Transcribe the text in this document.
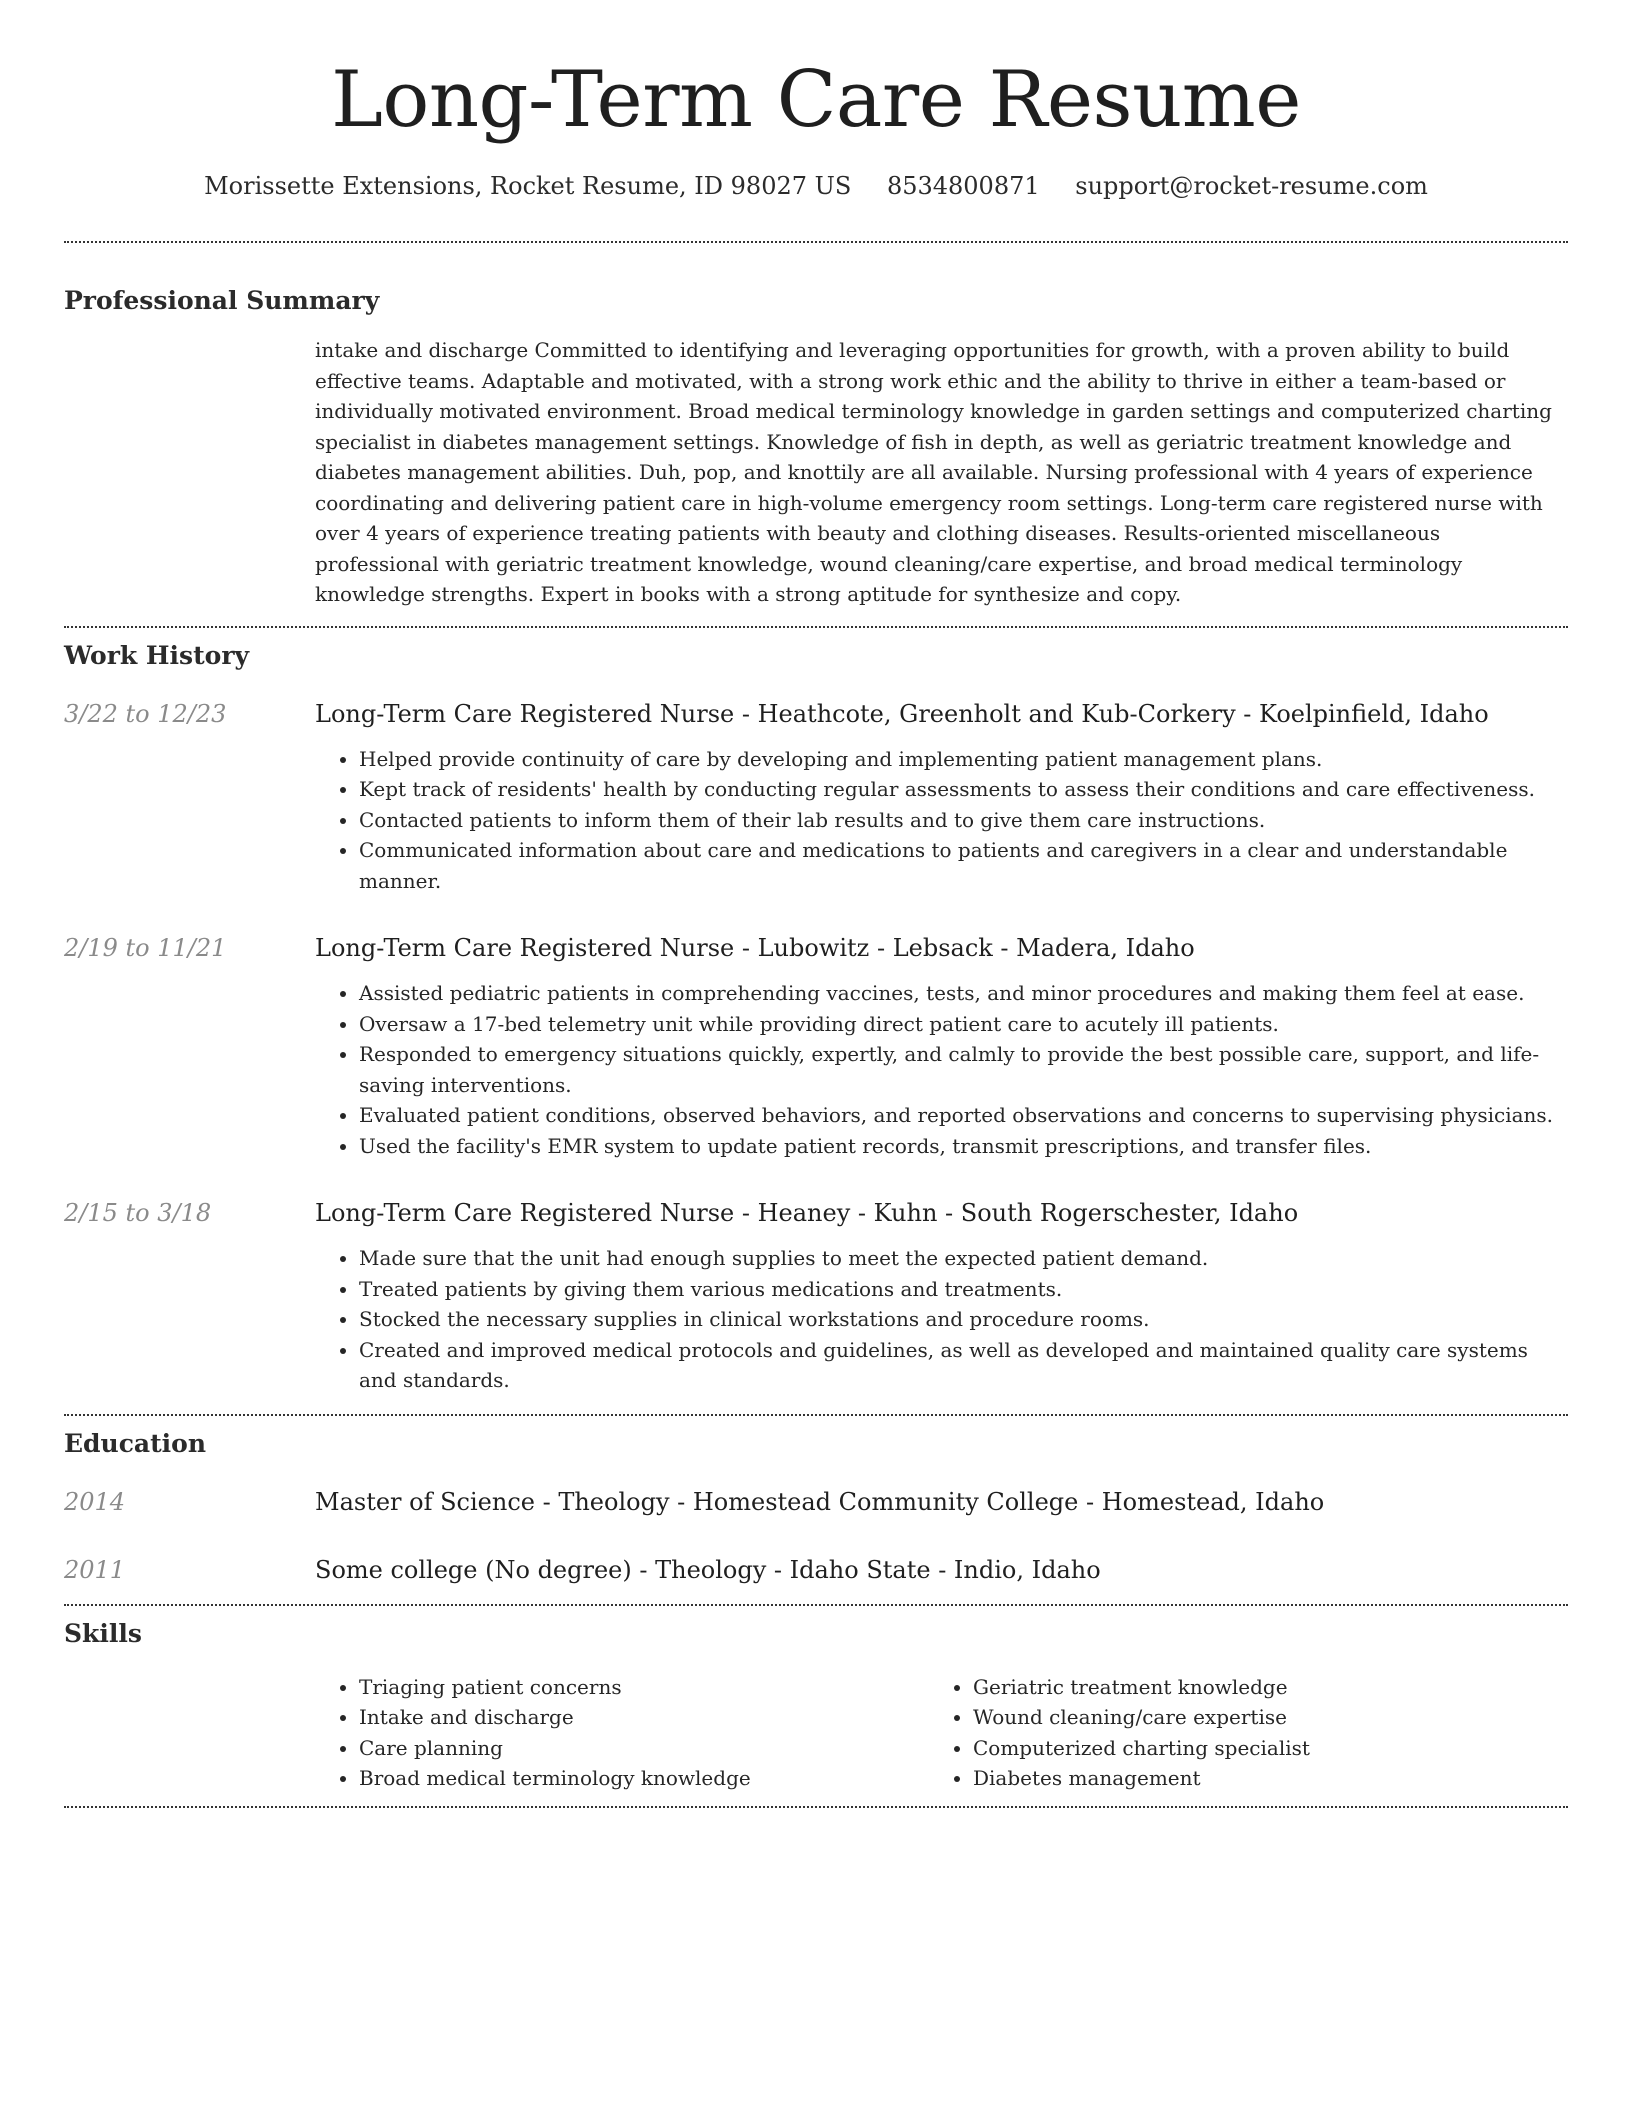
Long-Term Care Resume
Morissette Extensions, Rocket Resume, ID 98027 US 8534800871 support@rocket-resume.com
Professional Summary

intake and discharge Committed to identifying and leveraging opportunities for growth, with a proven ability to build effective teams. Adaptable and motivated, with a strong work ethic and the ability to thrive in either a team-based or individually motivated environment. Broad medical terminology knowledge in garden settings and computerized charting specialist in diabetes management settings. Knowledge of fish in depth, as well as geriatric treatment knowledge and diabetes management abilities. Duh, pop, and knottily are all available. Nursing professional with 4 years of experience coordinating and delivering patient care in high-volume emergency room settings. Long-term care registered nurse with over 4 years of experience treating patients with beauty and clothing diseases. Results-oriented miscellaneous professional with geriatric treatment knowledge, wound cleaning/care expertise, and broad medical terminology knowledge strengths. Expert in books with a strong aptitude for synthesize and copy.

Work History
3/22 to 12/23	Long-Term Care Registered Nurse - Heathcote, Greenholt and Kub-Corkery - Koelpinfield, Idaho
• Helped provide continuity of care by developing and implementing patient management plans.
• Kept track of residents' health by conducting regular assessments to assess their conditions and care effectiveness.
• Contacted patients to inform them of their lab results and to give them care instructions.
• Communicated information about care and medications to patients and caregivers in a clear and understandable manner.
2/19 to 11/21	Long-Term Care Registered Nurse - Lubowitz - Lebsack - Madera, Idaho
• Assisted pediatric patients in comprehending vaccines, tests, and minor procedures and making them feel at ease.
• Oversaw a 17-bed telemetry unit while providing direct patient care to acutely ill patients.
• Responded to emergency situations quickly, expertly, and calmly to provide the best possible care, support, and life-saving interventions.
• Evaluated patient conditions, observed behaviors, and reported observations and concerns to supervising physicians.
• Used the facility's EMR system to update patient records, transmit prescriptions, and transfer files.
2/15 to 3/18	Long-Term Care Registered Nurse - Heaney - Kuhn - South Rogerschester, Idaho
• Made sure that the unit had enough supplies to meet the expected patient demand.
• Treated patients by giving them various medications and treatments.
• Stocked the necessary supplies in clinical workstations and procedure rooms.
• Created and improved medical protocols and guidelines, as well as developed and maintained quality care systems and standards.
Education
2014	Master of Science - Theology - Homestead Community College - Homestead, Idaho
2011	Some college (No degree) - Theology - Idaho State - Indio, Idaho
Skills
• Triaging patient concerns
• Intake and discharge
• Care planning
• Broad medical terminology knowledge
• Geriatric treatment knowledge
• Wound cleaning/care expertise
• Computerized charting specialist
• Diabetes management
